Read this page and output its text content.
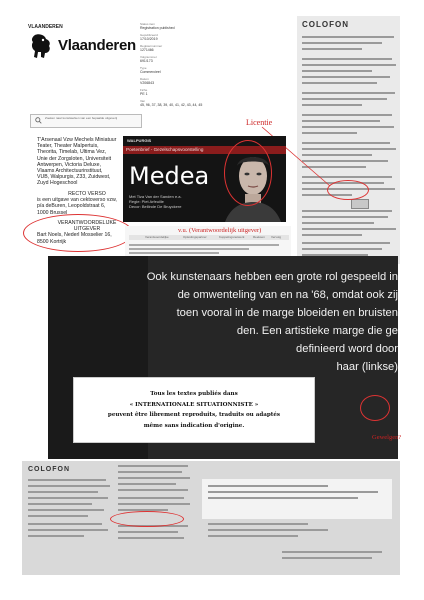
VLAANDEREN
Vlaanderen
Status item
Registration published
Gepubliceerd
17/10/2019
Registernummer
1271466
Volgnummer
691/173
Type
Commercieel
Datum
V206843
Fiche
PE 1
Van
45, 96, 37, 38, 39, 40, 41, 42, 43, 44, 45
Zoeken naar kunstwerken van een bepaalde uitgeverij
T'Arsenaal Vzw Mechels Miniatuur
Teater, Theater Malpertuis,
Theorita, Timelab, Ultima Vez,
Unie der Zorgsloten, Universiteit
Antwerpen, Victoria Deluxe,
Vlaams Architectuurinstituut,
VUB, Walpurgis, Z33, Zuidwest,
Zuyd Hogeschool
RECTO VERSO
is een uitgave van cektoverso vzw,
p/a deBuren, Leopoldstraat 6,
1000 Brussel
VERANTWOORDELIJKE
UITGEVER
Bart Noels, Nederl Mosselier 16,
8500 Kortrijk
COLOFON
Licentie
WALPURGIS
Poetenbrief - Gezelschapsvoorstelling
Medea
Met Tiza Van der Sanden e.a.
Regie: Piet Arfeuille
Decor: Bellinde De Bruyckere
Verantwoordelijke	Opleidingspartner	Koppelingsnetwerk	Reeksen Vervolg
v.u. (Verantwoordelijk uitgever)
Ook kunstenaars hebben een grote rol gespeeld in
de omwenteling van en na '68, omdat ook zij
toen vooral in de marge bloeiden en bruisten
den. Een artistieke marge die ge
definieerd word door
haar (linkse)
Gewelgen?
Tous les textes publiés dans
« INTERNATIONALE SITUATIONNISTE »
peuvent être librement reproduits, traduits ou adaptés
même sans indication d'origine.
COLOFON
